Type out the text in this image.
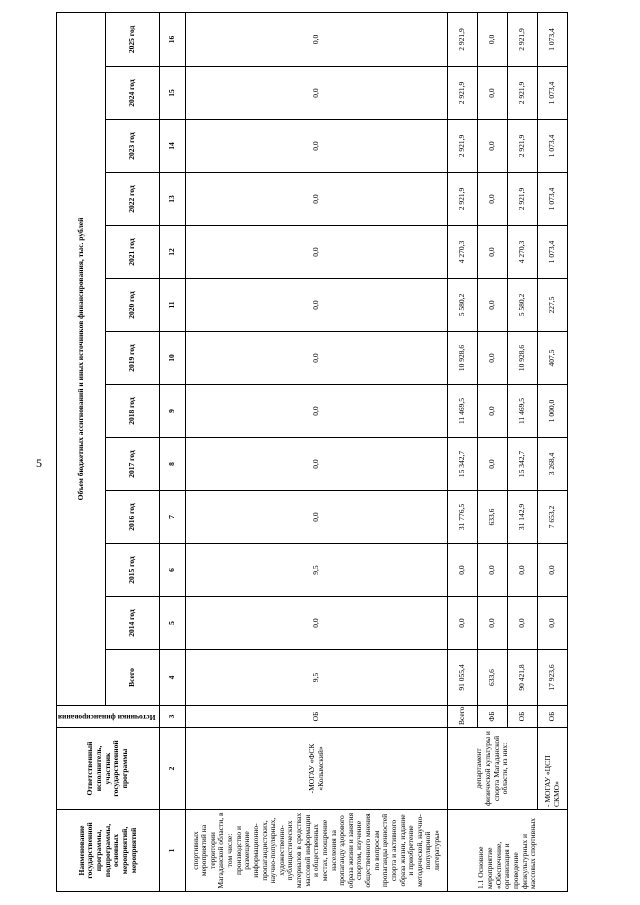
5
Наименование государственной программы, подпрограммы, основных мероприятий, мероприятий	Ответственный исполнитель, участник государственной программы	Источники финансирования	Объем бюджетных ассигнований и иных источников финансирования, тыс. рублей												
			Всего	2014 год	2015 год	2016 год	2017 год	2018 год	2019 год	2020 год	2021 год	2022 год	2023 год	2024 год	2025 год
1	2	3	4	5	6	7	8	9	10	11	12	13	14	15	16
спортивных мероприятий на территории Магаданской области, в том числе: производство и размещение информационно-пропагандистских, научно-популярных, художественно-публицистических материалов в средствах массовой информации и общественных местах, поощрение населения за пропаганду здорового образа жизни и занятия спортом, изучение общественного мнения по вопросам пропаганды ценностей спорта и активного образа жизни, издание и приобретение методической, научно-популярной литературы»	-МОГАУ «ФСК «Колымский»	ОБ	9,5	0,0	9,5	0,0	0,0	0,0	0,0	0,0	0,0	0,0	0,0	0,0	0,0
1.1 Основное мероприятие «Обеспечение, организация и проведение физкультурных и массовых спортивных	департамент физической культуры и спорта Магаданской области, из них:	Всего	91 055,4	0,0	0,0	31 776,5	15 342,7	11 469,5	10 928,6	5 580,2	4 270,3	2 921,9	2 921,9	2 921,9	2 921,9
		ФБ	633,6	0,0	0,0	633,6	0,0	0,0	0,0	0,0	0,0	0,0	0,0	0,0	0,0
		ОБ	90 421,8	0,0	0,0	31 142,9	15 342,7	11 469,5	10 928,6	5 580,2	4 270,3	2 921,9	2 921,9	2 921,9	2 921,9
	- МОГАУ «ЦСП СКМО»	ОБ	17 923,6	0,0	0,0	7 653,2	3 268,4	1 000,0	407,5	227,5	1 073,4	1 073,4	1 073,4	1 073,4	1 073,4
